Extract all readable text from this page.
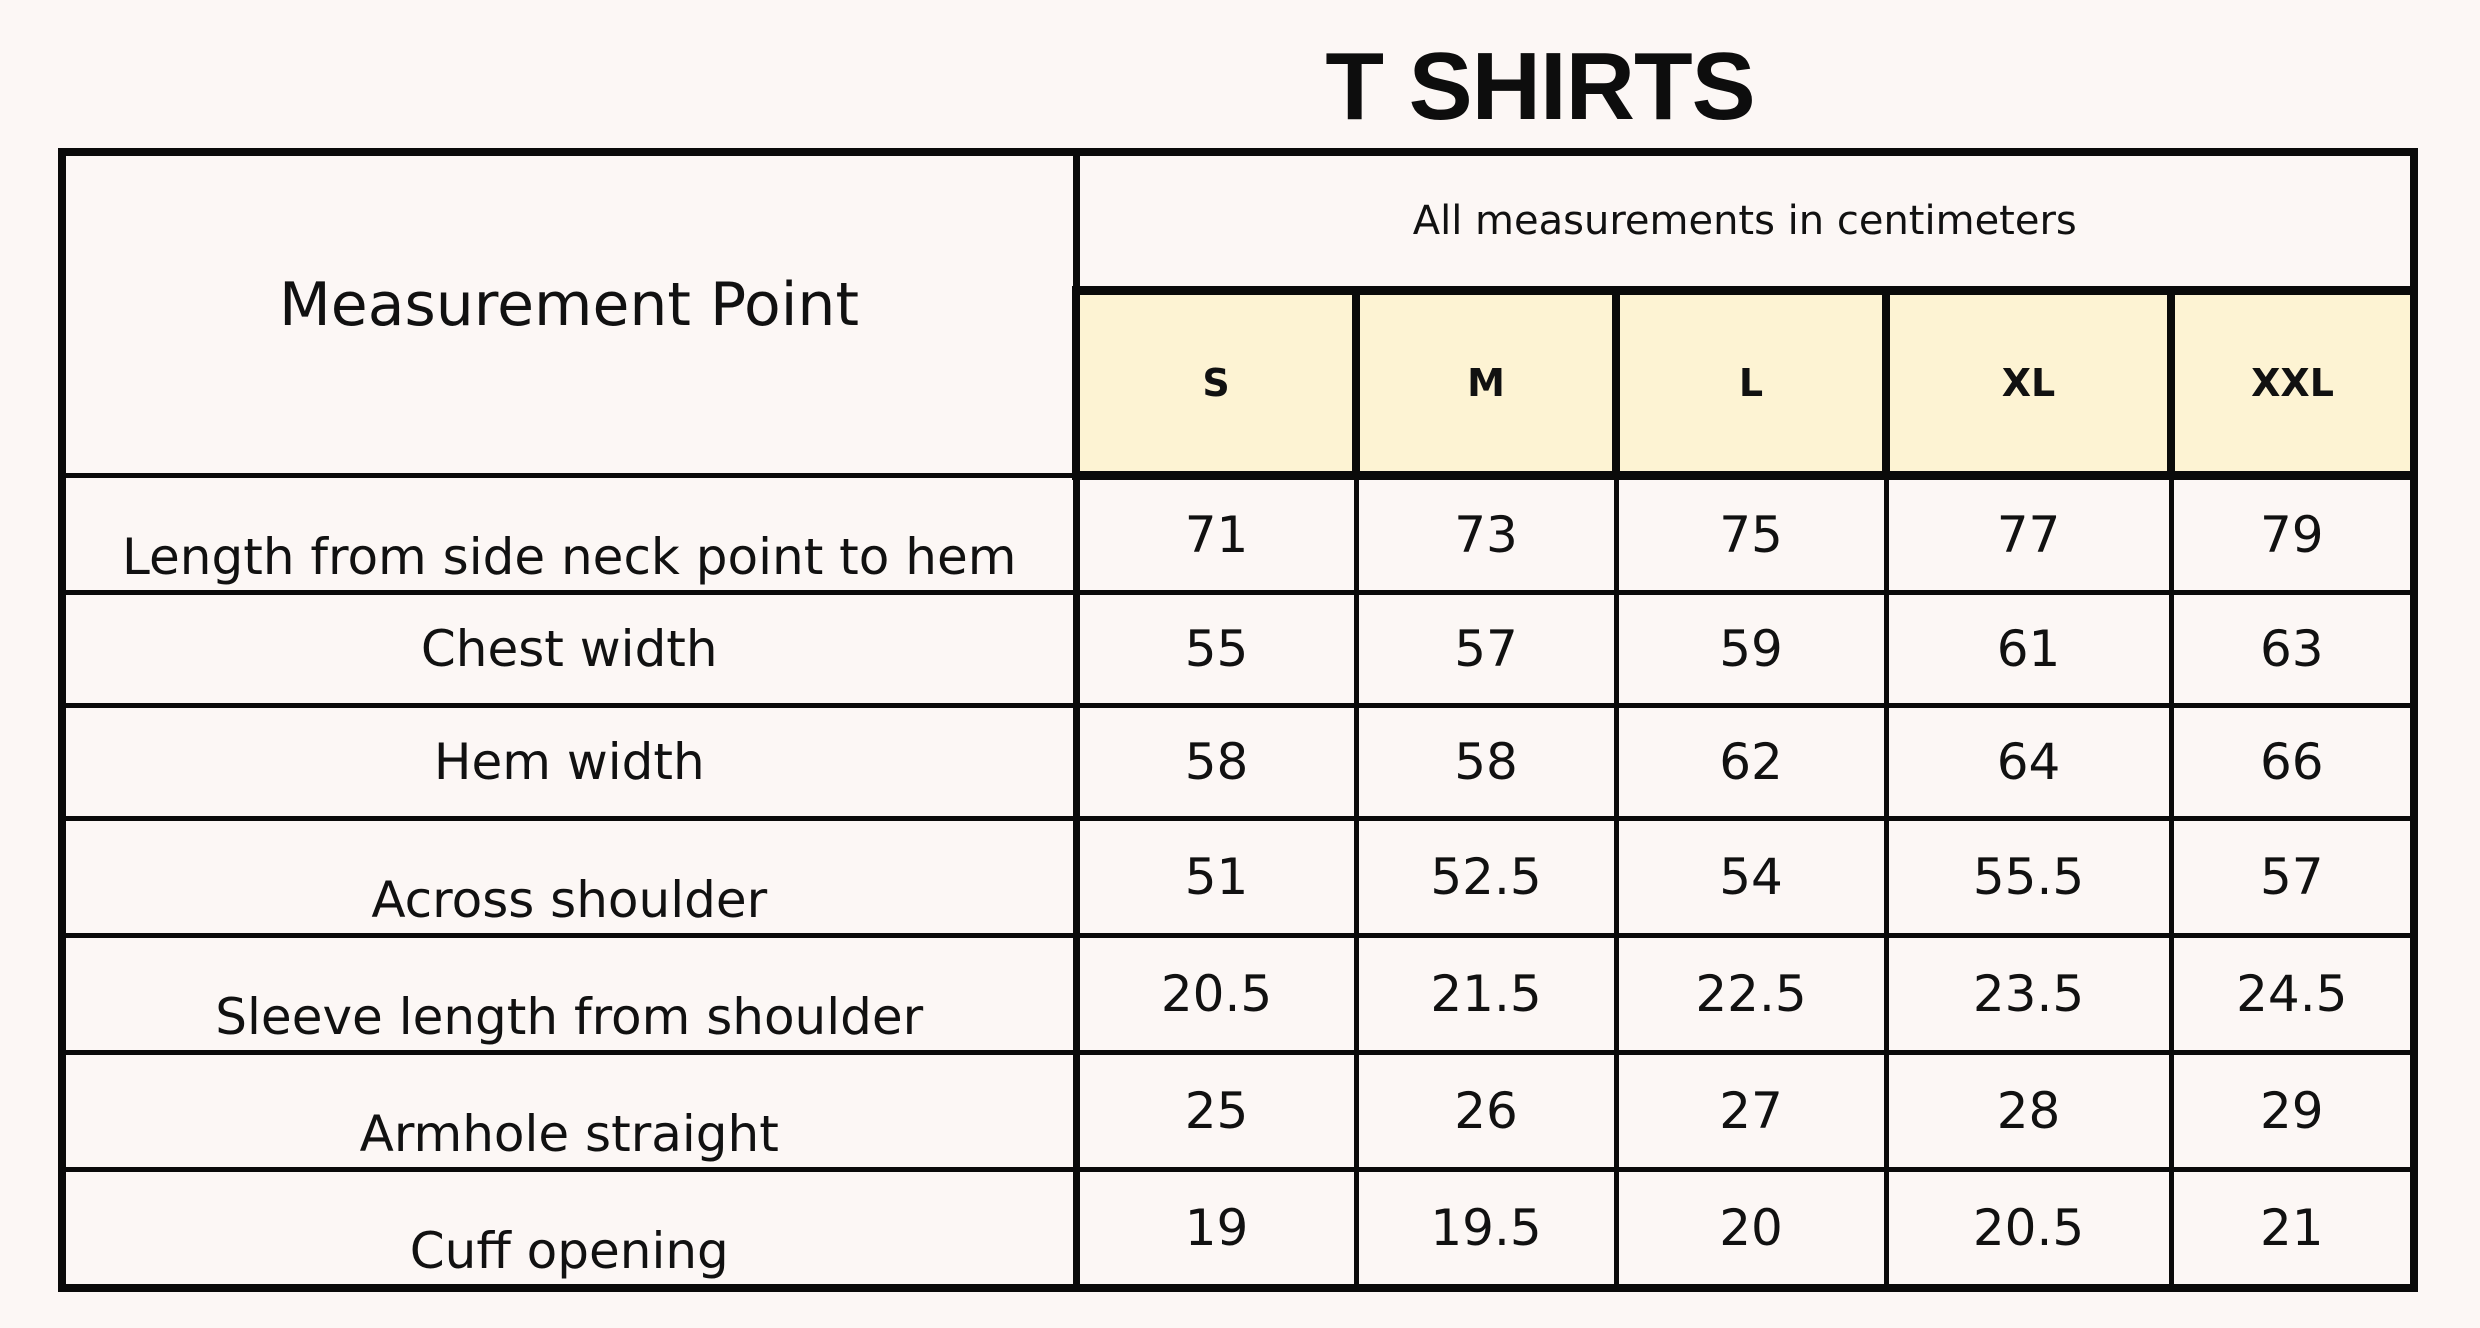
T SHIRTS
Measurement Point	All measurements in centimeters				
	S	M	L	XL	XXL
Length from side neck point to hem	71	73	75	77	79
Chest width	55	57	59	61	63
Hem width	58	58	62	64	66
Across shoulder	51	52.5	54	55.5	57
Sleeve length from shoulder	20.5	21.5	22.5	23.5	24.5
Armhole straight	25	26	27	28	29
Cuff opening	19	19.5	20	20.5	21
